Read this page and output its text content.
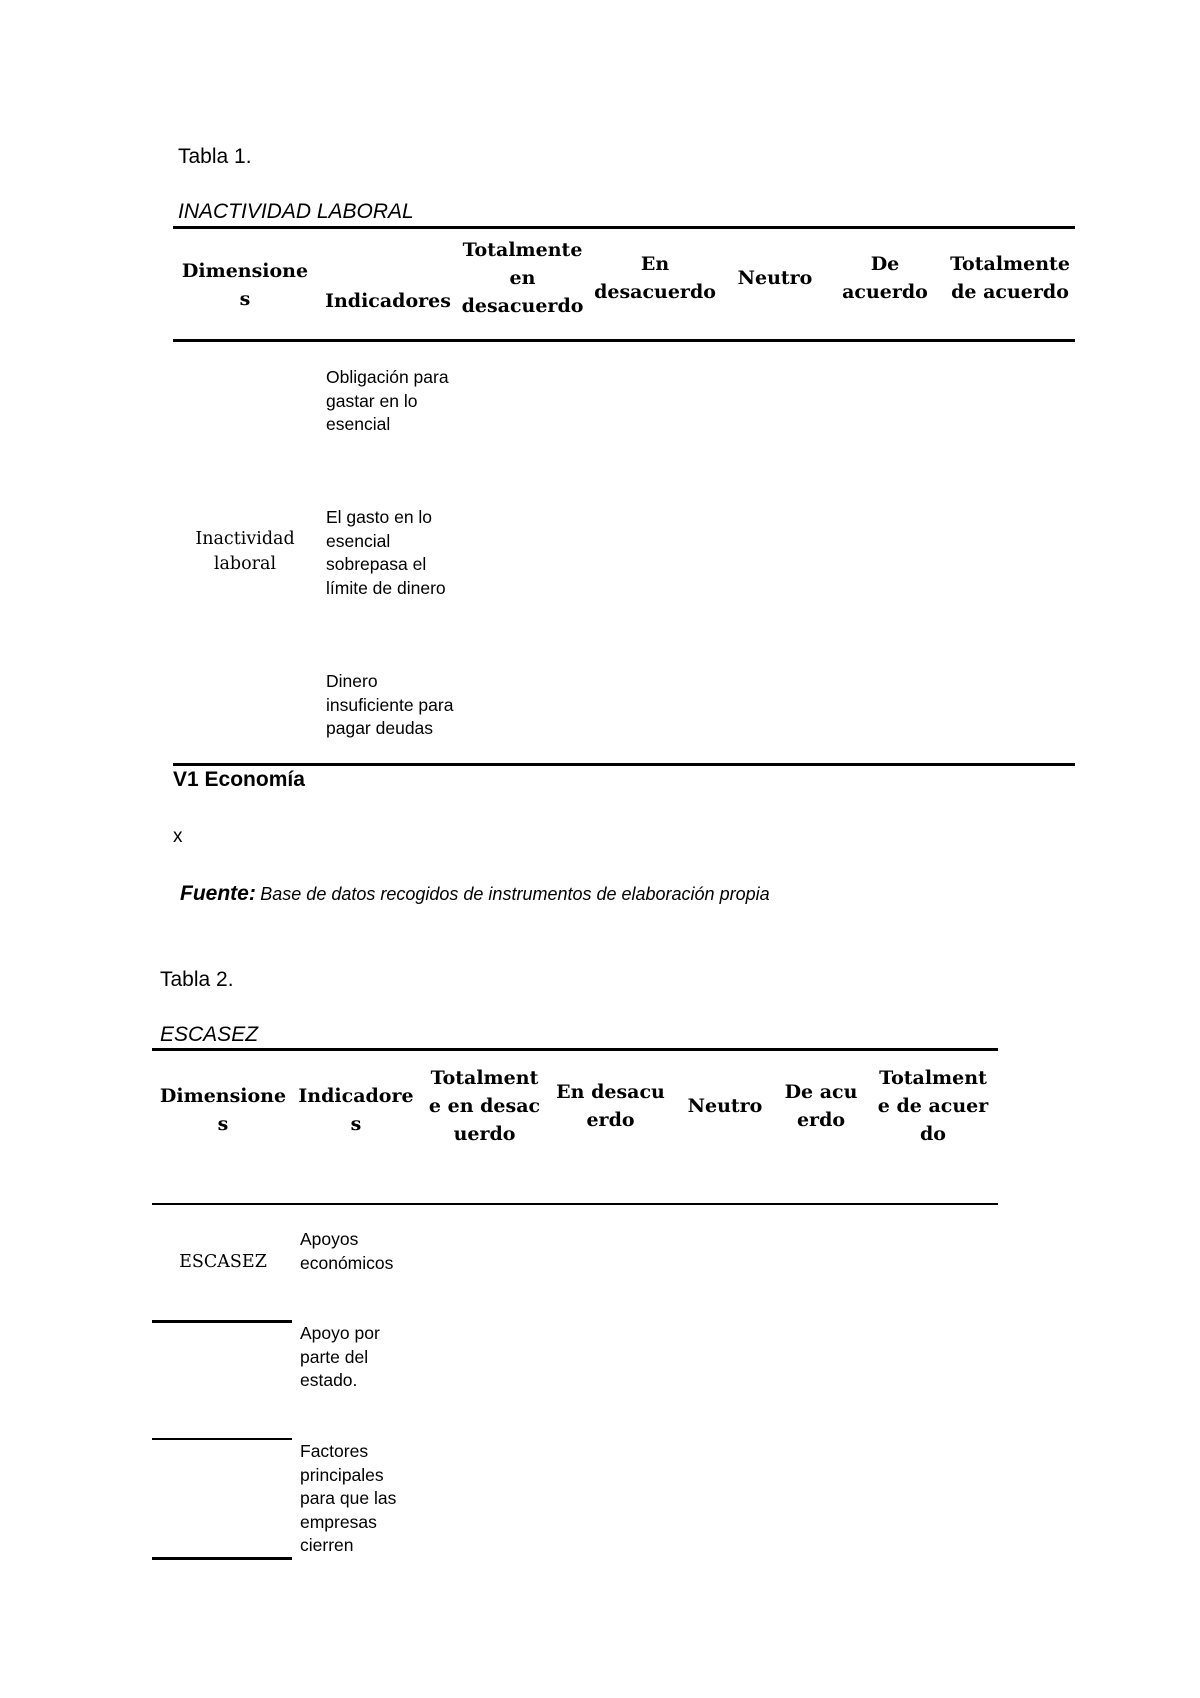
Tabla 1.
INACTIVIDAD LABORAL
Dimensiones	Indicadores
Totalmente en desacuerdo
En desacuerdo
Neutro
De acuerdo
Totalmente de acuerdo
Inactividad laboral
Obligación para gastar en lo esencial
El gasto en lo esencial sobrepasa el límite de dinero
Dinero insuficiente para pagar deudas
V1 Economía
x
Fuente: Base de datos recogidos de instrumentos de elaboración propia
Tabla 2.
ESCASEZ
Dimensiones
Indicadores
Totalmente en desacuerdo
En desacuerdo
Neutro
De acuerdo
Totalmente de acuerdo
ESCASEZ
Apoyos económicos
Apoyo por parte del estado.
Factores principales para que las empresas cierren
